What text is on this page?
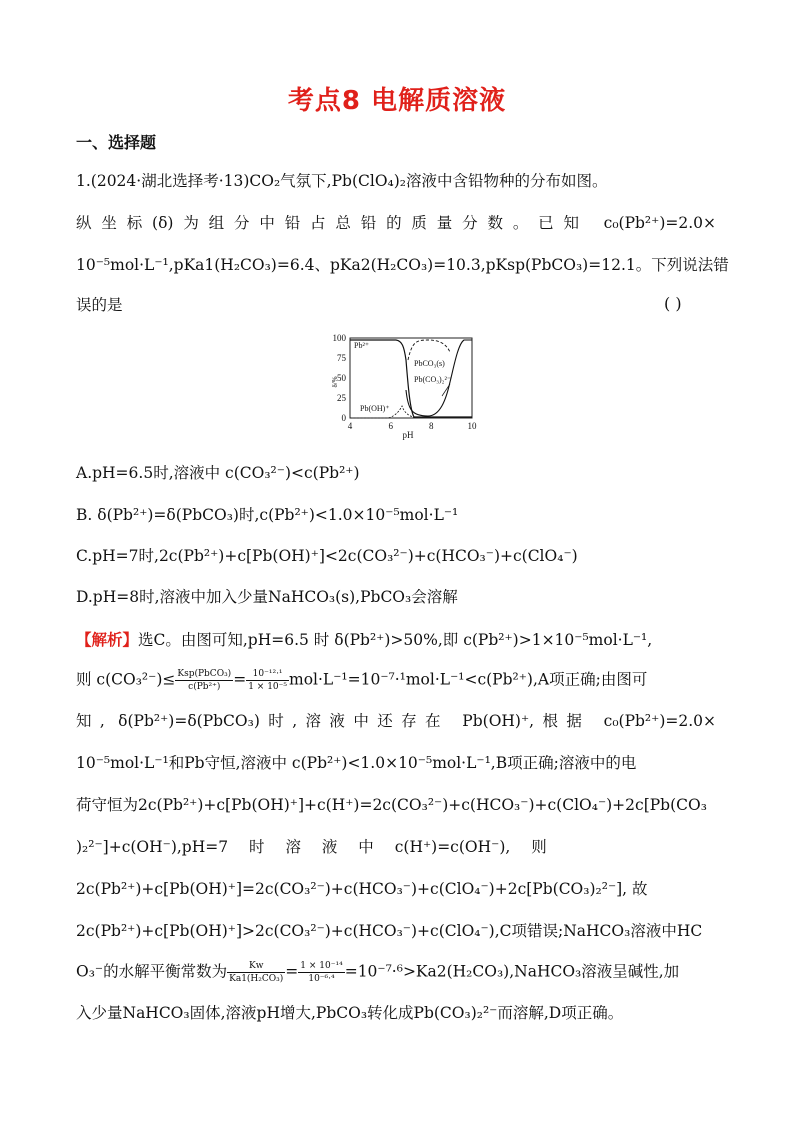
考点8 电解质溶液
一、选择题
1.(2024·湖北选择考·13)CO₂气氛下,Pb(ClO₄)₂溶液中含铅物种的分布如图。
纵坐标(δ)为组分中铅占总铅的质量分数。已知 c₀(Pb²⁺)=2.0×
10⁻⁵mol·L⁻¹,pKa1(H₂CO₃)=6.4、pKa2(H₂CO₃)=10.3,pKsp(PbCO₃)=12.1。下列说法错
误的是	( )
100
75
50
25
0
4	6	8	10
pH
δ/%
Pb²⁺
PbCO₃(s)
Pb(CO₃)₂²⁻
Pb(OH)⁺
A.pH=6.5时,溶液中 c(CO₃²⁻)<c(Pb²⁺)
B. δ(Pb²⁺)=δ(PbCO₃)时,c(Pb²⁺)<1.0×10⁻⁵mol·L⁻¹
C.pH=7时,2c(Pb²⁺)+c[Pb(OH)⁺]<2c(CO₃²⁻)+c(HCO₃⁻)+c(ClO₄⁻)
D.pH=8时,溶液中加入少量NaHCO₃(s),PbCO₃会溶解
【解析】选C。由图可知,pH=6.5 时 δ(Pb²⁺)>50%,即 c(Pb²⁺)>1×10⁻⁵mol·L⁻¹,
则 $c(CO_3^{2-})\le \frac{\text{Ksp(PbCO₃)}}{\text{c(Pb²⁺)}} = \frac{\text{10⁻¹²·¹}}{\text{1 × 10⁻⁵}} mol\cdot L^{-1}=10^{-7}\cdot^1mol\cdot L^{-1}<c(Pb^{2+}),A$项正确;由图可
知, δ(Pb²⁺)=δ(PbCO₃)时,溶液中还存在 Pb(OH)⁺,根据 c₀(Pb²⁺)=2.0×
10⁻⁵mol·L⁻¹和Pb守恒,溶液中 c(Pb²⁺)<1.0×10⁻⁵mol·L⁻¹,B项正确;溶液中的电
荷守恒为2c(Pb²⁺)+c[Pb(OH)⁺]+c(H⁺)=2c(CO₃²⁻)+c(HCO₃⁻)+c(ClO₄⁻)+2c[Pb(CO₃
)₂²⁻]+c(OH⁻),pH=7 时 溶 液 中 c(H⁺)=c(OH⁻), 则
2c(Pb²⁺)+c[Pb(OH)⁺]=2c(CO₃²⁻)+c(HCO₃⁻)+c(ClO₄⁻)+2c[Pb(CO₃)₂²⁻], 故
2c(Pb²⁺)+c[Pb(OH)⁺]>2c(CO₃²⁻)+c(HCO₃⁻)+c(ClO₄⁻),C项错误;NaHCO₃溶液中HC
O₃⁻的水解平衡常数为 $\frac{Kw}{\text{Ka1(H₂CO₃)}} = \frac{\text{1 × 10⁻¹⁴}}{\text{10⁻⁶·⁴}}$ =10⁻⁷·⁶>Ka2(H₂CO₃),NaHCO₃溶液呈碱性,加
入少量NaHCO₃固体,溶液pH增大,PbCO₃转化成Pb(CO₃)₂²⁻而溶解,D项正确。
